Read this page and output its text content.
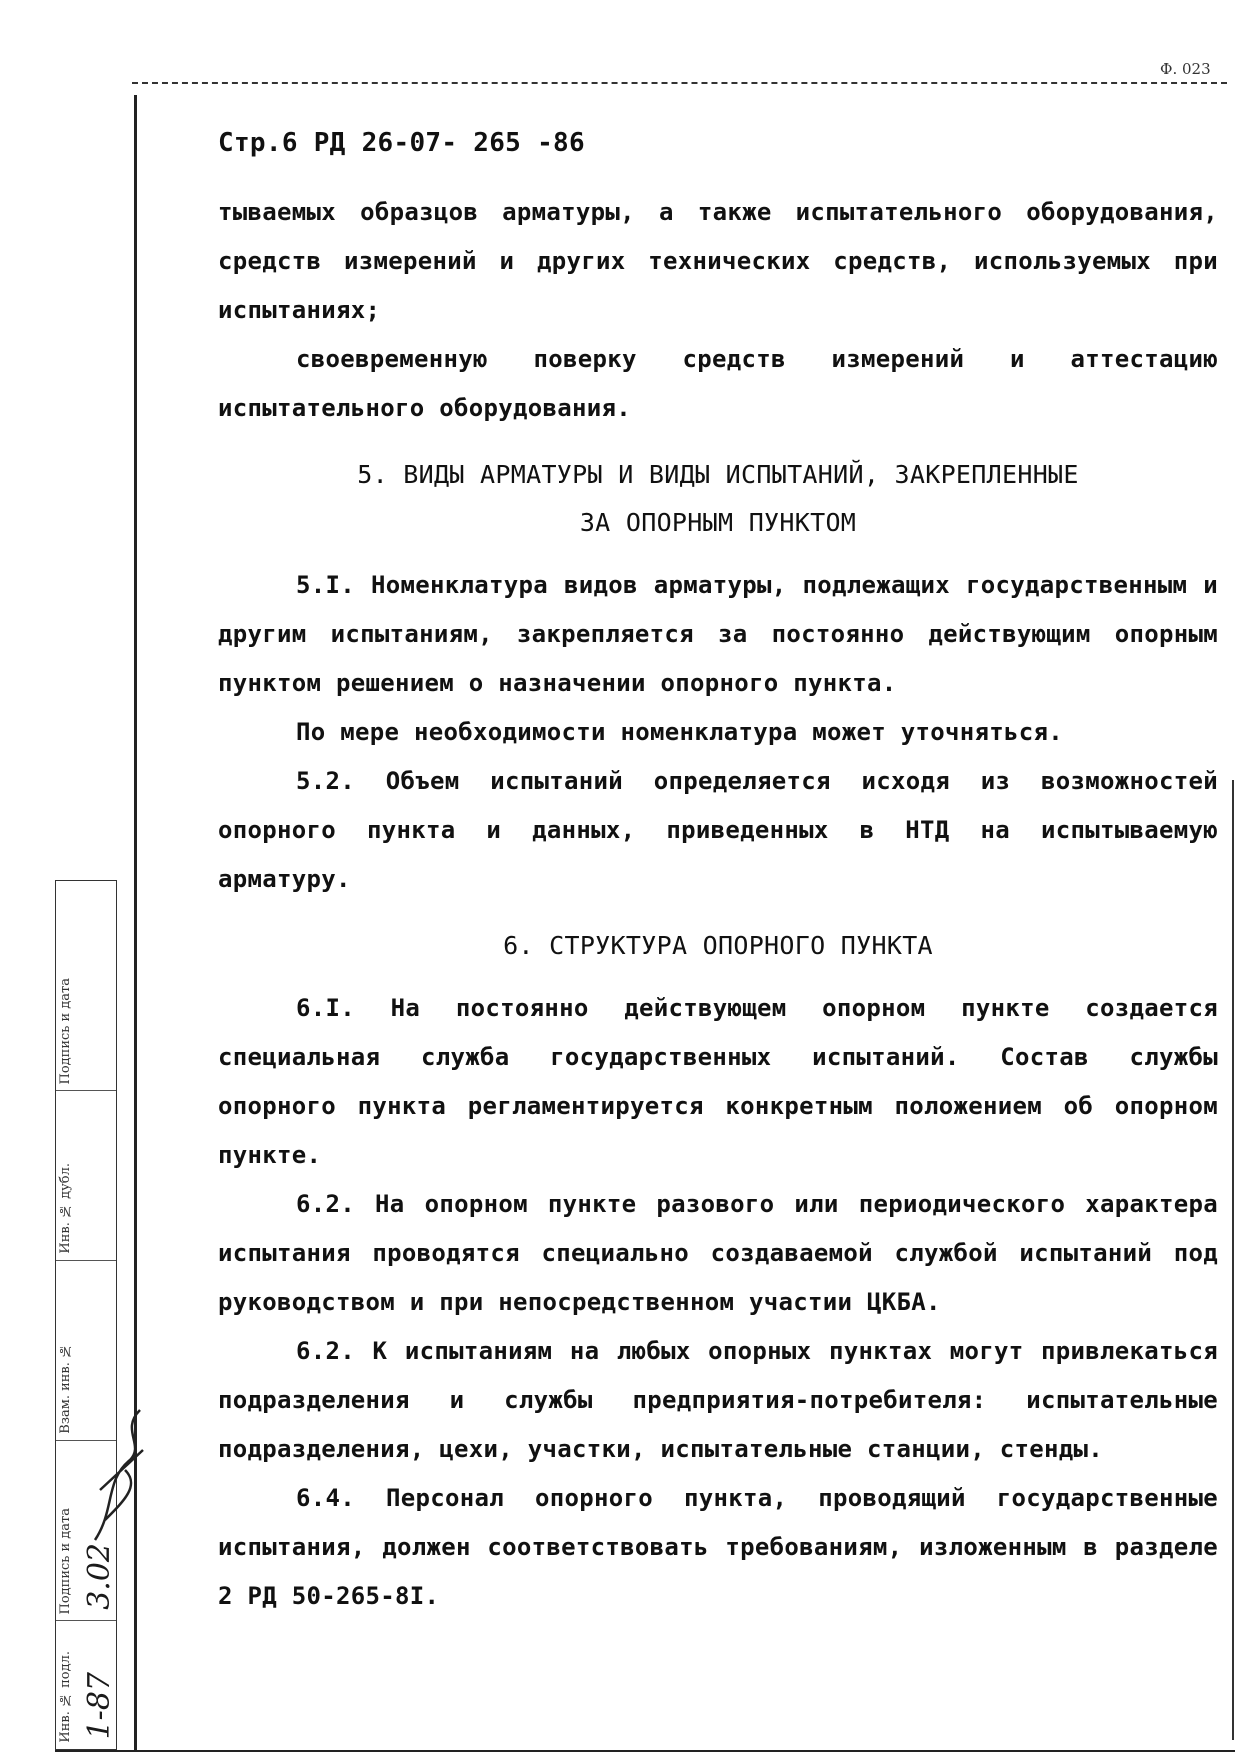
Ф. 023
Подпись и дата
Инв. № дубл.
Взам. инв. №
Подпись и дата 3.02
Инв. № подл. 1-87
Стр.6 РД 26-07- 265 -86

тываемых образцов арматуры, а также испытательного оборудования, средств измерений и других технических средств, используемых при испытаниях;

своевременную поверку средств измерений и аттестацию испытательного оборудования.

5. ВИДЫ АРМАТУРЫ И ВИДЫ ИСПЫТАНИЙ, ЗАКРЕПЛЕННЫЕ
ЗА ОПОРНЫМ ПУНКТОМ

5.I. Номенклатура видов арматуры, подлежащих государственным и другим испытаниям, закрепляется за постоянно действующим опорным пунктом решением о назначении опорного пункта.

По мере необходимости номенклатура может уточняться.

5.2. Объем испытаний определяется исходя из возможностей опорного пункта и данных, приведенных в НТД на испытываемую арматуру.

6. СТРУКТУРА ОПОРНОГО ПУНКТА

6.I. На постоянно действующем опорном пункте создается специальная служба государственных испытаний. Состав службы опорного пункта регламентируется конкретным положением об опорном пункте.

6.2. На опорном пункте разового или периодического характера испытания проводятся специально создаваемой службой испытаний под руководством и при непосредственном участии ЦКБА.

6.2. К испытаниям на любых опорных пунктах могут привлекаться подразделения и службы предприятия-потребителя: испытательные подразделения, цехи, участки, испытательные станции, стенды.

6.4. Персонал опорного пункта, проводящий государственные испытания, должен соответствовать требованиям, изложенным в разделе 2 РД 50-265-8I.
